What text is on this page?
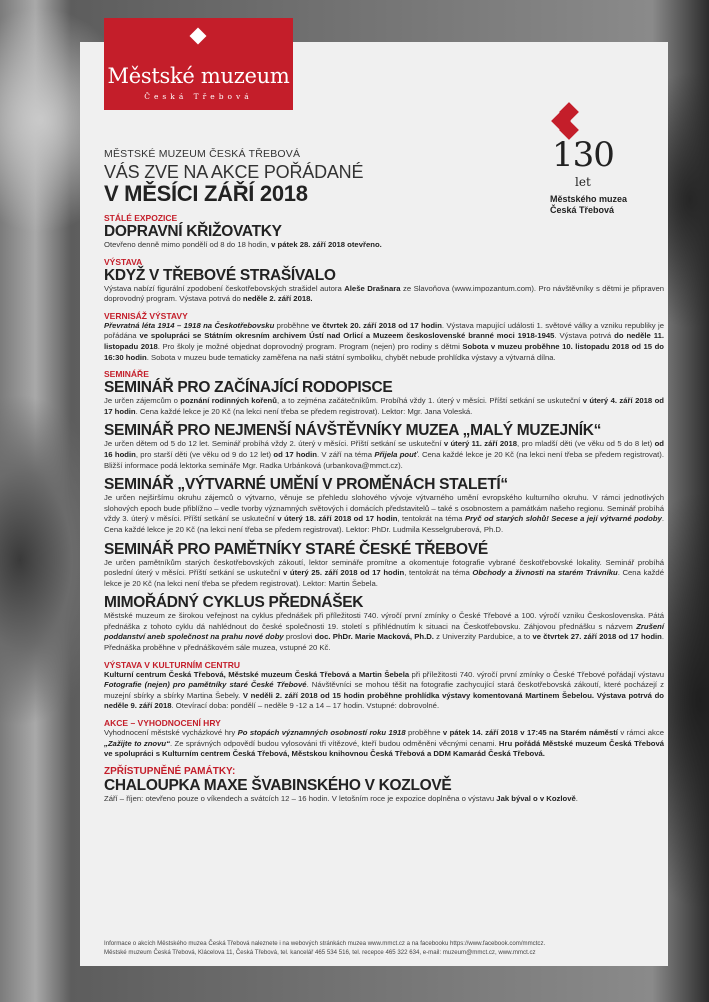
Městské muzeum
Česká Třebová
130
let
Městského muzea
Česká Třebová
MĚSTSKÉ MUZEUM ČESKÁ TŘEBOVÁ
VÁS ZVE NA AKCE POŘÁDANÉ
V MĚSÍCI ZÁŘÍ 2018
STÁLÉ EXPOZICE
DOPRAVNÍ KŘIŽOVATKY
Otevřeno denně mimo pondělí od 8 do 18 hodin, v pátek 28. září 2018 otevřeno.
VÝSTAVA
KDYŽ V TŘEBOVÉ STRAŠÍVALO
Výstava nabízí figurální zpodobení českotřebovských strašidel autora Aleše Drašnara ze Slavoňova (www.impozantum.com). Pro návštěvníky s dětmi je připraven doprovodný program. Výstava potrvá do neděle 2. září 2018.
VERNISÁŽ VÝSTAVY
Převratná léta 1914 – 1918 na Českotřebovsku proběhne ve čtvrtek 20. září 2018 od 17 hodin. Výstava mapující události 1. světové války a vzniku republiky je pořádána ve spolupráci se Státním okresním archivem Ústí nad Orlicí a Muzeem československé branné moci 1918-1945. Výstava potrvá do neděle 11. listopadu 2018. Pro školy je možné objednat doprovodný program. Program (nejen) pro rodiny s dětmi Sobota v muzeu proběhne 10. listopadu 2018 od 15 do 16:30 hodin. Sobota v muzeu bude tematicky zaměřena na naši státní symboliku, chybět nebude prohlídka výstavy a výtvarná dílna.
SEMINÁŘE
SEMINÁŘ PRO ZAČÍNAJÍCÍ RODOPISCE
Je určen zájemcům o poznání rodinných kořenů, a to zejména začátečníkům. Probíhá vždy 1. úterý v měsíci. Příští setkání se uskuteční v úterý 4. září 2018 od 17 hodin. Cena každé lekce je 20 Kč (na lekci není třeba se předem registrovat). Lektor: Mgr. Jana Voleská.
SEMINÁŘ PRO NEJMENŠÍ NÁVŠTĚVNÍKY MUZEA „MALÝ MUZEJNÍK“
Je určen dětem od 5 do 12 let. Seminář probíhá vždy 2. úterý v měsíci. Příští setkání se uskuteční v úterý 11. září 2018, pro mladší děti (ve věku od 5 do 8 let) od 16 hodin, pro starší děti (ve věku od 9 do 12 let) od 17 hodin. V září na téma Přijela pouť. Cena každé lekce je 20 Kč (na lekci není třeba se předem registrovat). Bližší informace podá lektorka semináře Mgr. Radka Urbánková (urbankova@mmct.cz).
SEMINÁŘ „VÝTVARNÉ UMĚNÍ V PROMĚNÁCH STALETÍ“
Je určen nejširšímu okruhu zájemců o výtvarno, věnuje se přehledu slohového vývoje výtvarného umění evropského kulturního okruhu. V rámci jednotlivých slohových epoch bude přiblížno – vedle tvorby významných světových i domácích představitelů – také s osobnostem a památkám našeho regionu. Seminář probíhá vždy 3. úterý v měsíci. Příští setkání se uskuteční v úterý 18. září 2018 od 17 hodin, tentokrát na téma Pryč od starých slohů! Secese a její výtvarné podoby. Cena každé lekce je 20 Kč (na lekci není třeba se předem registrovat). Lektor: PhDr. Ludmila Kesselgruberová, Ph.D.
SEMINÁŘ PRO PAMĚTNÍKY STARÉ ČESKÉ TŘEBOVÉ
Je určen pamětníkům starých českotřebovských zákoutí, lektor semináře promítne a okomentuje fotografie vybrané českotřebovské lokality. Seminář probíhá poslední úterý v měsíci. Příští setkání se uskuteční v úterý 25. září 2018 od 17 hodin, tentokrát na téma Obchody a živnosti na starém Trávníku. Cena každé lekce je 20 Kč (na lekci není třeba se předem registrovat). Lektor: Martin Šebela.
MIMOŘÁDNÝ CYKLUS PŘEDNÁŠEK
Městské muzeum ze širokou veřejnost na cyklus přednášek při příležitosti 740. výročí první zmínky o České Třebové a 100. výročí vzniku Československa. Pátá přednáška z tohoto cyklu dá nahlédnout do české společnosti 19. století s přihlédnutím k situaci na Českotřebovsku. Záhjovou přednášku s názvem Zrušení poddanství aneb společnost na prahu nové doby proslovi doc. PhDr. Marie Macková, Ph.D. z Univerzity Pardubice, a to ve čtvrtek 27. září 2018 od 17 hodin. Přednáška proběhne v přednáškovém sále muzea, vstupné 20 Kč.
VÝSTAVA V KULTURNÍM CENTRU
Kulturní centrum Česká Třebová, Městské muzeum Česká Třebová a Martin Šebela při příležitosti 740. výročí první zmínky o České Třebové pořádají výstavu Fotografie (nejen) pro pamětníky staré České Třebové. Návštěvníci se mohou těšit na fotografie zachycující stará českotřebovská zákoutí, které pocházejí z muzejní sbírky a sbírky Martina Šebely. V neděli 2. září 2018 od 15 hodin proběhne prohlídka výstavy komentovaná Martinem Šebelou. Výstava potrvá do neděle 9. září 2018. Otevírací doba: pondělí – neděle 9 -12 a 14 – 17 hodin. Vstupné: dobrovolné.
AKCE – VYHODNOCENÍ HRY
Vyhodnocení městské vycházkové hry Po stopách významných osobností roku 1918 proběhne v pátek 14. září 2018 v 17:45 na Starém náměstí v rámci akce „Zažijte to znovu“. Ze správných odpovědí budou vylosováni tři vítězové, kteří budou odměněni věcnými cenami. Hru pořádá Městské muzeum Česká Třebová ve spolupráci s Kulturním centrem Česká Třebová, Městskou knihovnou Česká Třebová a DDM Kamarád Česká Třebová.
ZPŘÍSTUPNĚNÉ PAMÁTKY:
CHALOUPKA MAXE ŠVABINSKÉHO V KOZLOVĚ
Září – říjen: otevřeno pouze o víkendech a svátcích 12 – 16 hodin. V letošním roce je expozice doplněna o výstavu Jak býval o v Kozlově.
Informace o akcích Městského muzea Česká Třebová naleznete i na webových stránkách muzea www.mmct.cz a na facebooku https://www.facebook.com/mmctcz.
Městské muzeum Česká Třebová, Klácelova 11, Česká Třebová, tel. kancelář 465 534 516, tel. recepce 465 322 634, e-mail: muzeum@mmct.cz, www.mmct.cz
